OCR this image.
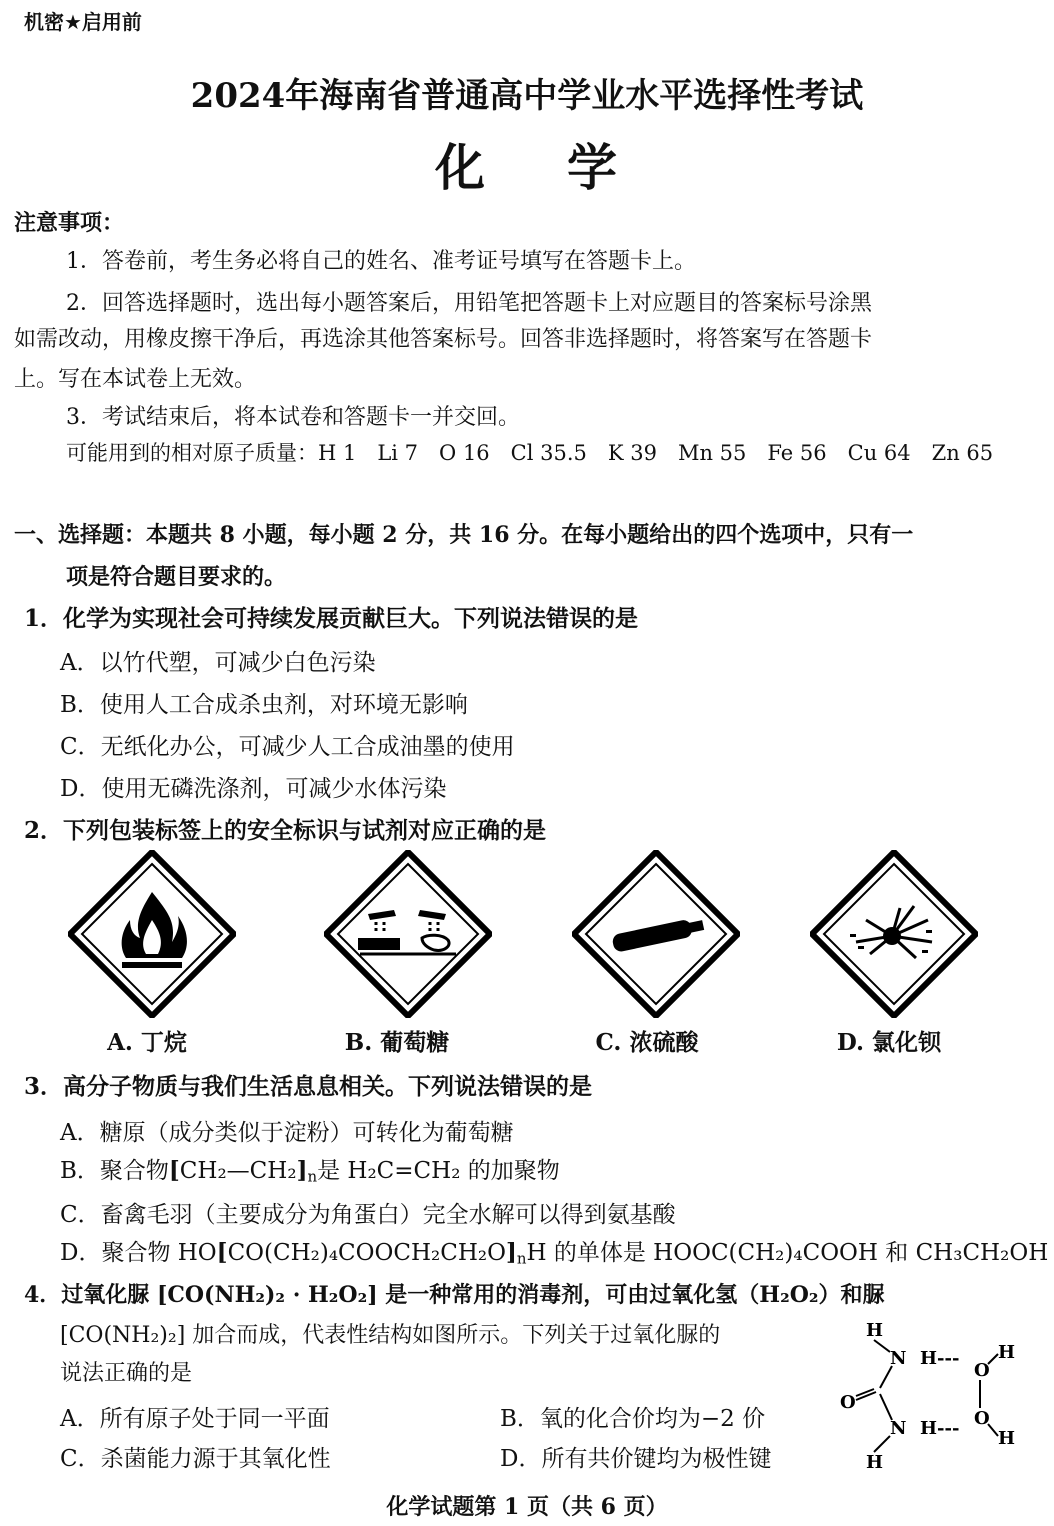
机密★启用前
2024年海南省普通高中学业水平选择性考试
化 学
注意事项：
1．答卷前，考生务必将自己的姓名、准考证号填写在答题卡上。
2．回答选择题时，选出每小题答案后，用铅笔把答题卡上对应题目的答案标号涂黑
如需改动，用橡皮擦干净后，再选涂其他答案标号。回答非选择题时，将答案写在答题卡
上。写在本试卷上无效。
3．考试结束后，将本试卷和答题卡一并交回。
可能用到的相对原子质量：H 1　Li 7　O 16　Cl 35.5　K 39　Mn 55　Fe 56　Cu 64　Zn 65
一、选择题：本题共 8 小题，每小题 2 分，共 16 分。在每小题给出的四个选项中，只有一
项是符合题目要求的。
1．化学为实现社会可持续发展贡献巨大。下列说法错误的是
A．以竹代塑，可减少白色污染
B．使用人工合成杀虫剂，对环境无影响
C．无纸化办公，可减少人工合成油墨的使用
D．使用无磷洗涤剂，可减少水体污染
2．下列包装标签上的安全标识与试剂对应正确的是
A. 丁烷	B. 葡萄糖	C. 浓硫酸	D. 氯化钡
3．高分子物质与我们生活息息相关。下列说法错误的是
A．糖原（成分类似于淀粉）可转化为葡萄糖
B．聚合物$[CH_2—CH_2]_n$是 H₂C=CH₂ 的加聚物
C．畜禽毛羽（主要成分为角蛋白）完全水解可以得到氨基酸
D．聚合物 $HO[CO(CH_2)_4COOCH_2CH_2O]_nH$ 的单体是 HOOC(CH₂)₄COOH 和 CH₃CH₂OH
4．过氧化脲 [CO(NH₂)₂ · H₂O₂] 是一种常用的消毒剂，可由过氧化氢（H₂O₂）和脲
[CO(NH₂)₂] 加合而成，代表性结构如图所示。下列关于过氧化脲的
说法正确的是
A．所有原子处于同一平面	B．氧的化合价均为−2 价
C．杀菌能力源于其氧化性	D．所有共价键均为极性键
H
N H---
O
H
O
N H--- O
H
H
化学试题第 1 页（共 6 页）
